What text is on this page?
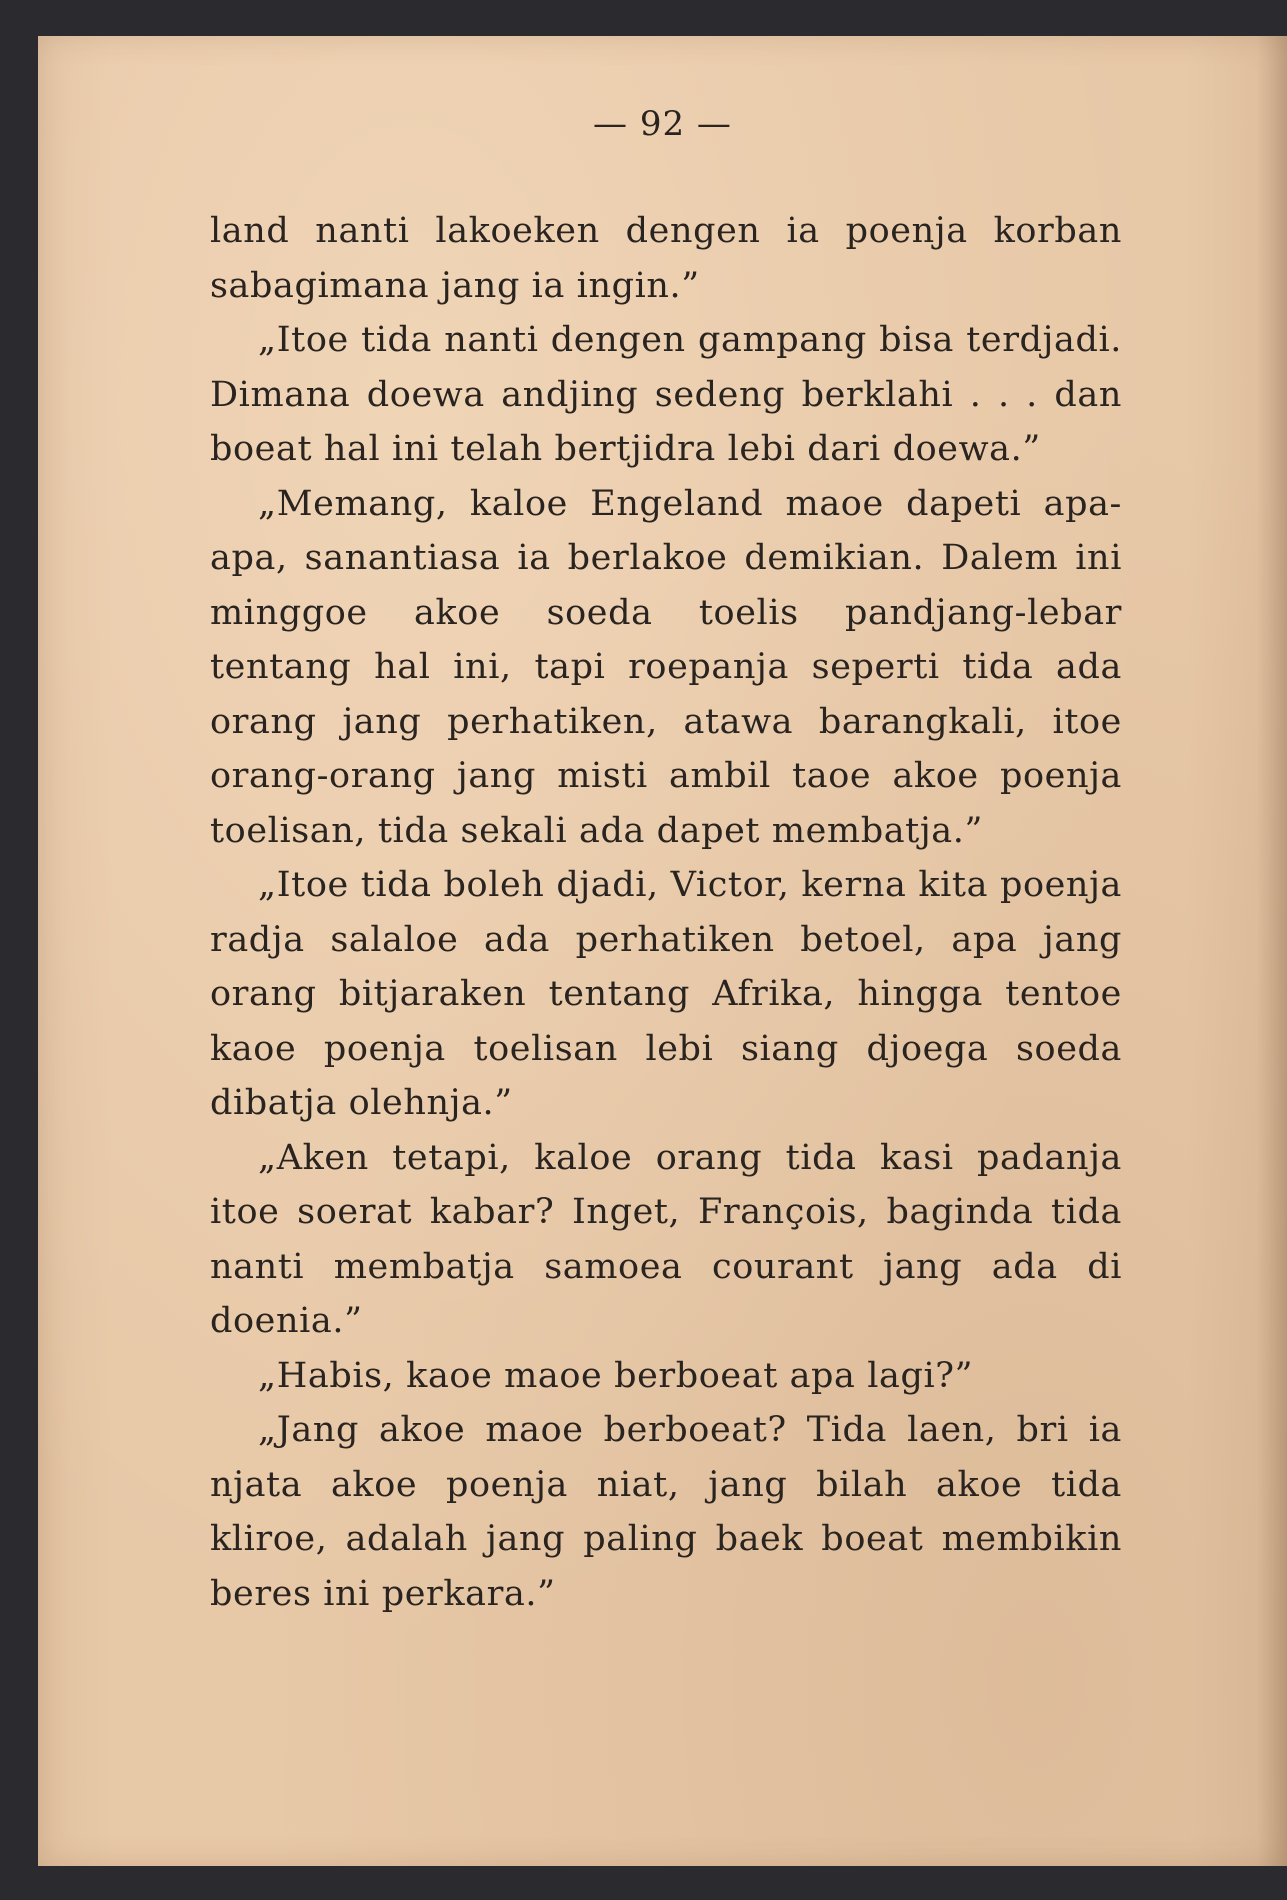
— 92 —

land nanti lakoeken dengen ia poenja korban sabagimana jang ia ingin.”

„Itoe tida nanti dengen gampang bisa terdjadi. Dimana doewa andjing sedeng berklahi . . . dan boeat hal ini telah bertjidra lebi dari doewa.”

„Memang, kaloe Engeland maoe dapeti apa-apa, sanantiasa ia berlakoe demikian. Dalem ini minggoe akoe soeda toelis pandjang-lebar tentang hal ini, tapi roepanja seperti tida ada orang jang perhatiken, atawa barangkali, itoe orang-orang jang misti ambil taoe akoe poenja toelisan, tida sekali ada dapet membatja.”

„Itoe tida boleh djadi, Victor, kerna kita poenja radja salaloe ada perhatiken betoel, apa jang orang bitjaraken tentang Afrika, hingga tentoe kaoe poenja toelisan lebi siang djoega soeda dibatja olehnja.”

„Aken tetapi, kaloe orang tida kasi padanja itoe soerat kabar? Inget, François, baginda tida nanti membatja samoea courant jang ada di doenia.”

„Habis, kaoe maoe berboeat apa lagi?”

„Jang akoe maoe berboeat? Tida laen, bri ia njata akoe poenja niat, jang bilah akoe tida kliroe, adalah jang paling baek boeat membikin beres ini perkara.”
